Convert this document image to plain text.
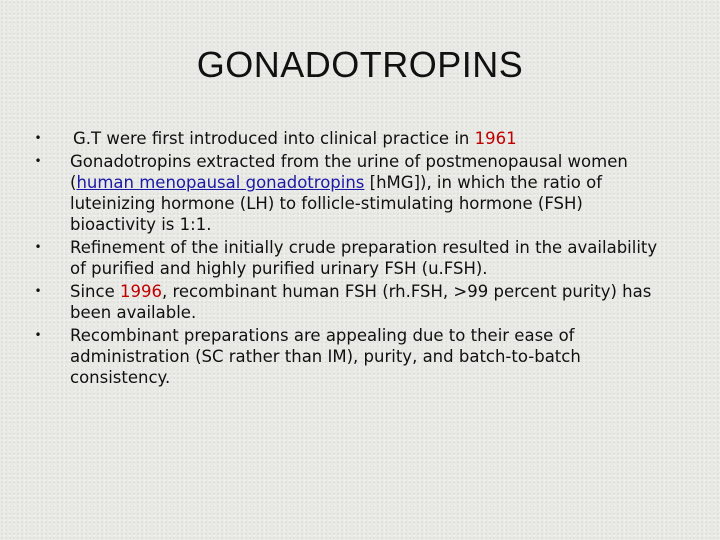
GONADOTROPINS
•	G.T were first introduced into clinical practice in 1961
•	Gonadotropins extracted from the urine of postmenopausal women (human menopausal gonadotropins [hMG]), in which the ratio of luteinizing hormone (LH) to follicle-stimulating hormone (FSH) bioactivity is 1:1.
•	Refinement of the initially crude preparation resulted in the availability of purified and highly purified urinary FSH (u.FSH).
•	Since 1996, recombinant human FSH (rh.FSH, >99 percent purity) has been available.
•	Recombinant preparations are appealing due to their ease of administration (SC rather than IM), purity, and batch-to-batch consistency.
